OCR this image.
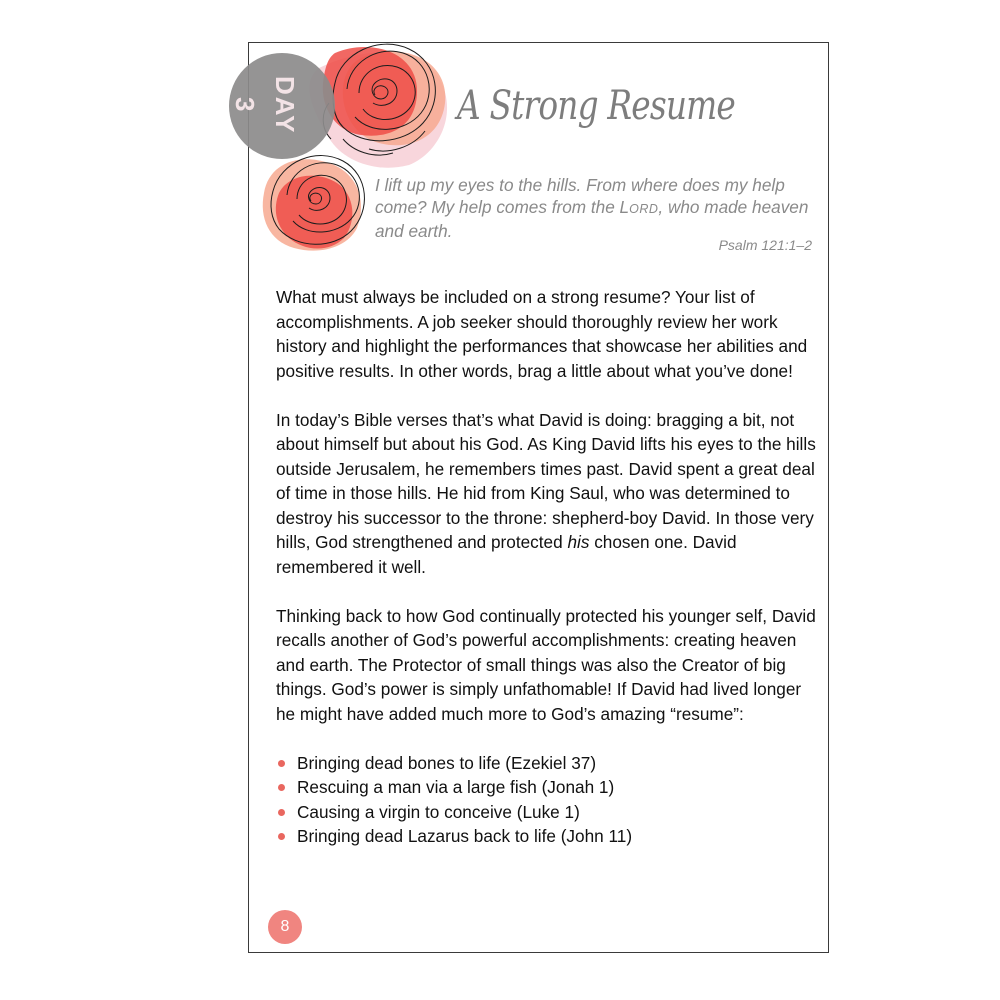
DAY 3	A Strong Resume
I lift up my eyes to the hills. From where does my help come? My help comes from the LORD, who made heaven and earth.
Psalm 121:1–2

What must always be included on a strong resume? Your list of accomplishments. A job seeker should thoroughly review her work history and highlight the performances that showcase her abilities and positive results. In other words, brag a little about what you’ve done!

In today’s Bible verses that’s what David is doing: bragging a bit, not about himself but about his God. As King David lifts his eyes to the hills outside Jerusalem, he remembers times past. David spent a great deal of time in those hills. He hid from King Saul, who was determined to destroy his successor to the throne: shepherd-boy David. In those very hills, God strengthened and protected his chosen one. David remembered it well.

Thinking back to how God continually protected his younger self, David recalls another of God’s powerful accomplishments: creating heaven and earth. The Protector of small things was also the Creator of big things. God’s power is simply unfathomable! If David had lived longer he might have added much more to God’s amazing “resume”:

Bringing dead bones to life (Ezekiel 37)
Rescuing a man via a large fish (Jonah 1)
Causing a virgin to conceive (Luke 1)
Bringing dead Lazarus back to life (John 11)
8
